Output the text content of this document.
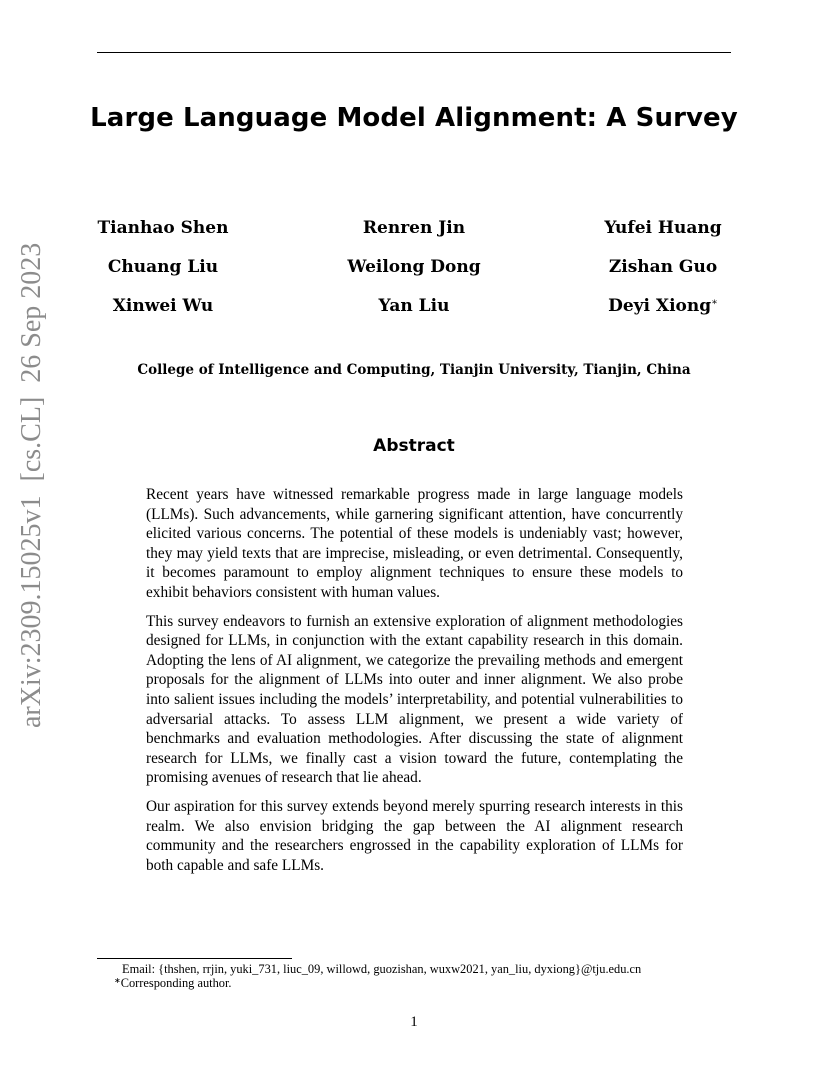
Large Language Model Alignment: A Survey
Tianhao Shen	Renren Jin	Yufei Huang
Chuang Liu	Weilong Dong	Zishan Guo
Xinwei Wu	Yan Liu	Deyi Xiong∗
College of Intelligence and Computing, Tianjin University, Tianjin, China
Abstract

Recent years have witnessed remarkable progress made in large language models (LLMs). Such advancements, while garnering significant attention, have concurrently elicited various concerns. The potential of these models is undeniably vast; however, they may yield texts that are imprecise, misleading, or even detrimental. Consequently, it becomes paramount to employ alignment techniques to ensure these models to exhibit behaviors consistent with human values.

This survey endeavors to furnish an extensive exploration of alignment methodologies designed for LLMs, in conjunction with the extant capability research in this domain. Adopting the lens of AI alignment, we categorize the prevailing methods and emergent proposals for the alignment of LLMs into outer and inner alignment. We also probe into salient issues including the models’ interpretability, and potential vulnerabilities to adversarial attacks. To assess LLM alignment, we present a wide variety of benchmarks and evaluation methodologies. After discussing the state of alignment research for LLMs, we finally cast a vision toward the future, contemplating the promising avenues of research that lie ahead.

Our aspiration for this survey extends beyond merely spurring research interests in this realm. We also envision bridging the gap between the AI alignment research community and the researchers engrossed in the capability exploration of LLMs for both capable and safe LLMs.

Email: {thshen, rrjin, yuki_731, liuc_09, willowd, guozishan, wuxw2021, yan_liu, dyxiong}@tju.edu.cn
∗Corresponding author.
1
arXiv:2309.15025v1[cs.CL]26 Sep 2023
